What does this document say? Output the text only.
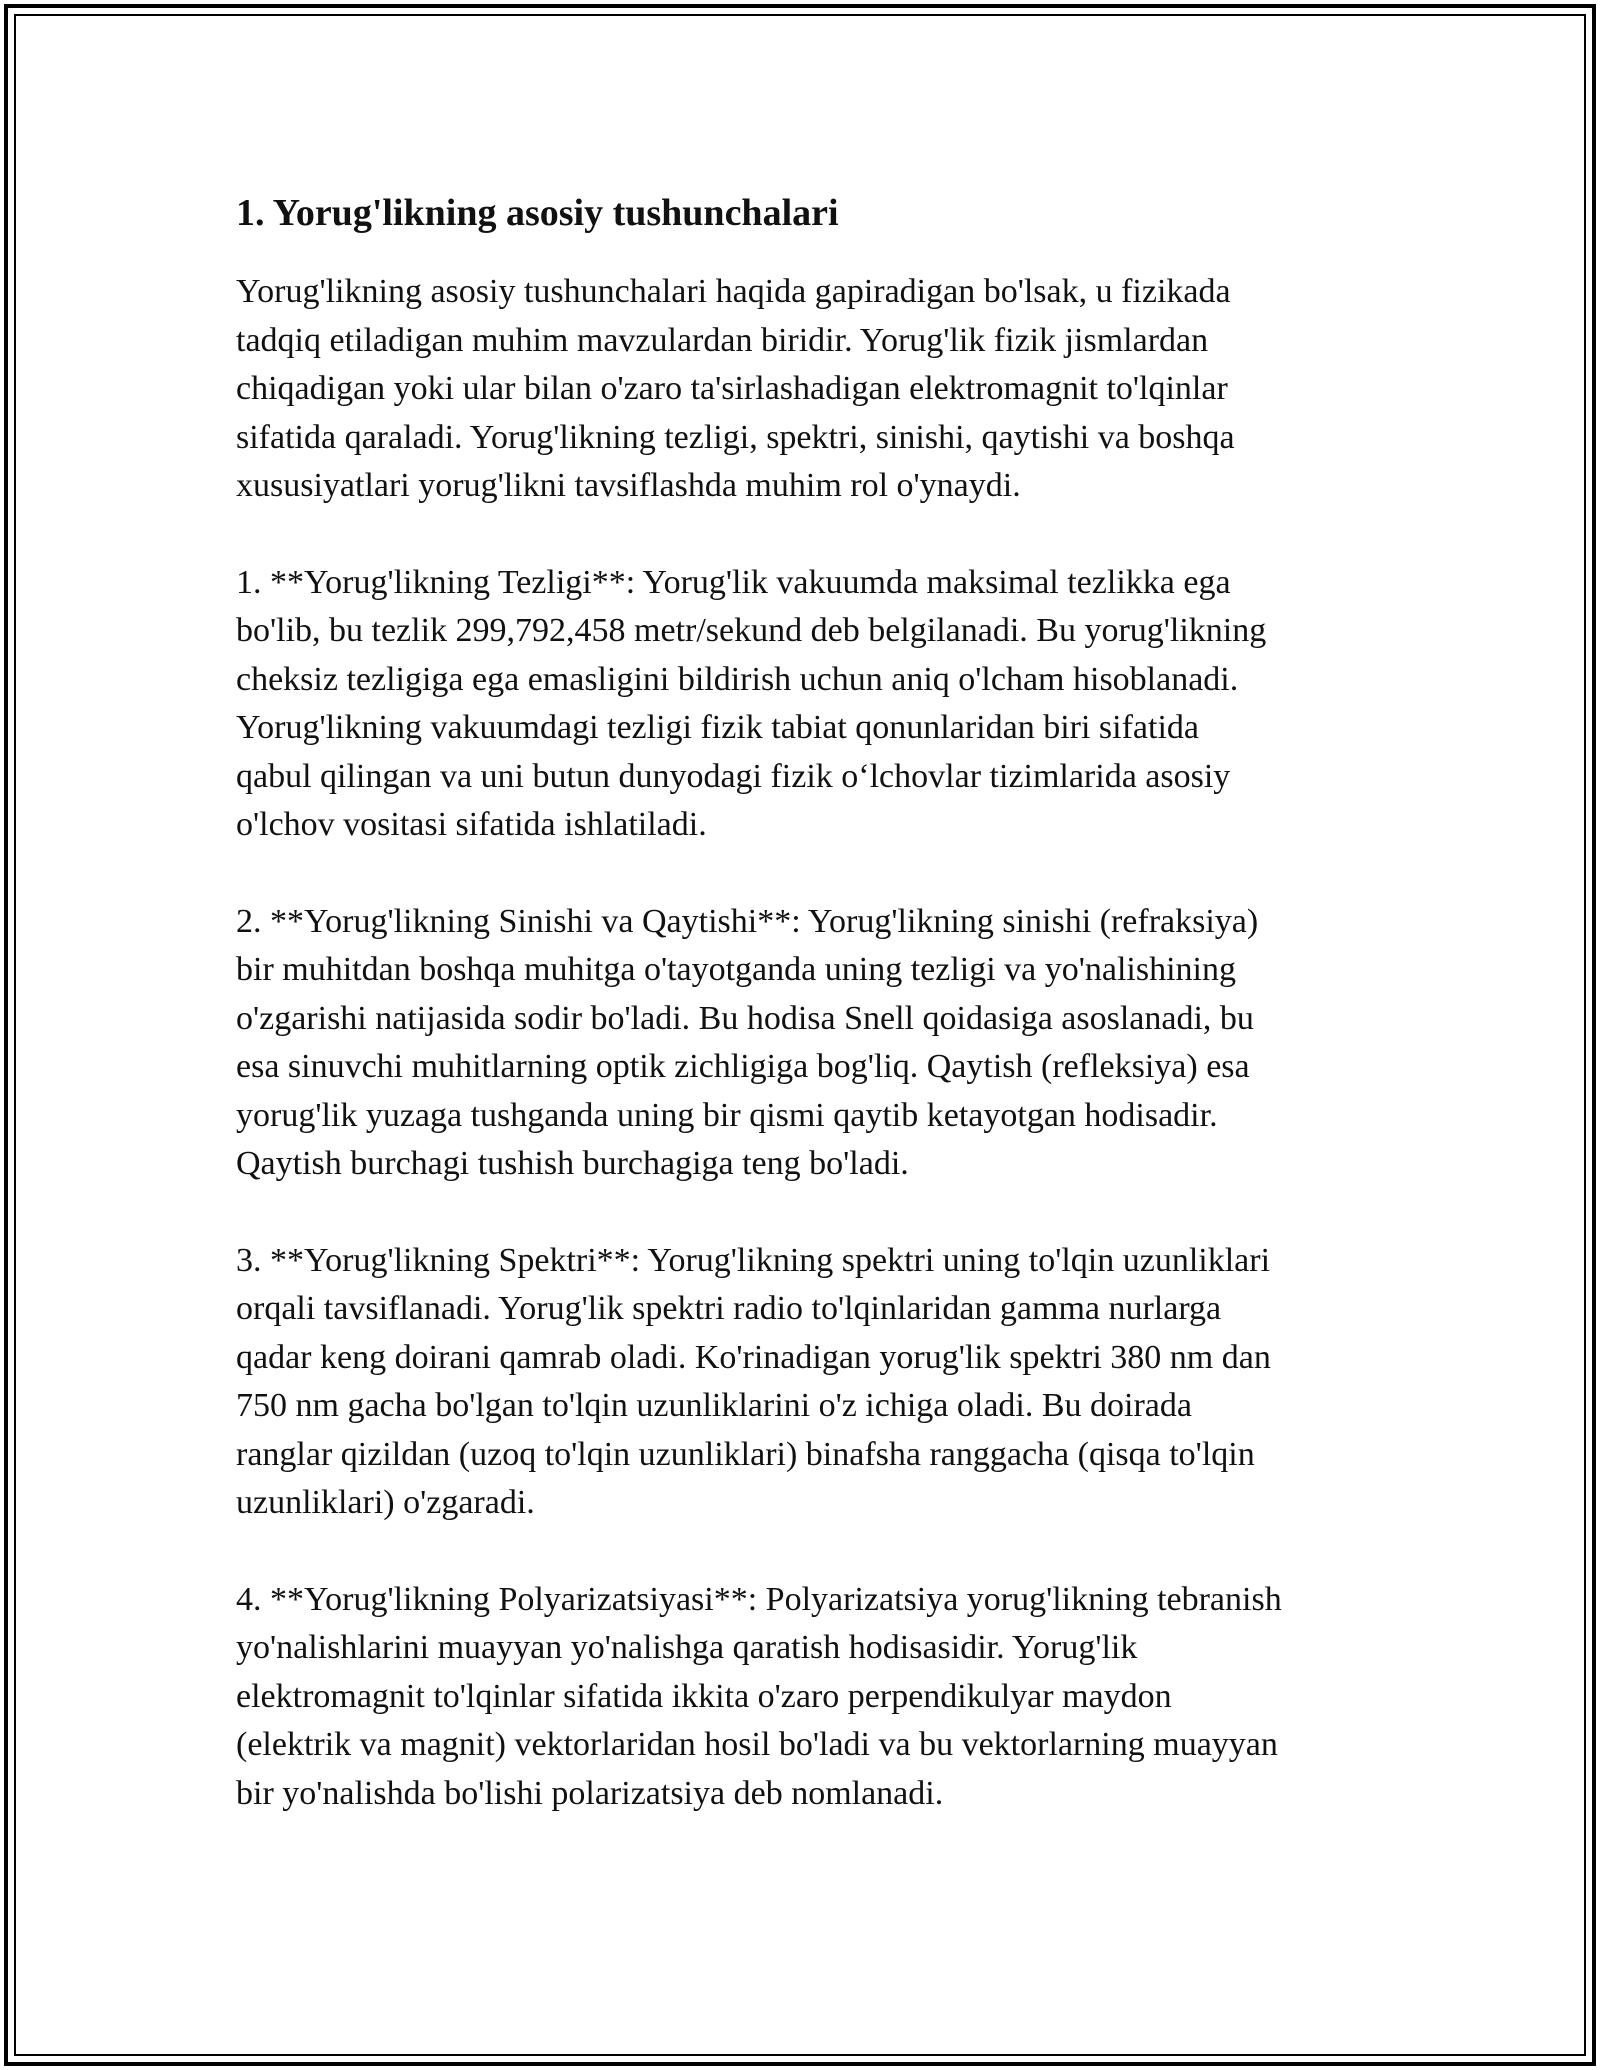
1. Yorug'likning asosiy tushunchalari

Yorug'likning asosiy tushunchalari haqida gapiradigan bo'lsak, u fizikada
tadqiq etiladigan muhim mavzulardan biridir. Yorug'lik fizik jismlardan
chiqadigan yoki ular bilan o'zaro ta'sirlashadigan elektromagnit to'lqinlar
sifatida qaraladi. Yorug'likning tezligi, spektri, sinishi, qaytishi va boshqa
xususiyatlari yorug'likni tavsiflashda muhim rol o'ynaydi.

1. **Yorug'likning Tezligi**: Yorug'lik vakuumda maksimal tezlikka ega
bo'lib, bu tezlik 299,792,458 metr/sekund deb belgilanadi. Bu yorug'likning
cheksiz tezligiga ega emasligini bildirish uchun aniq o'lcham hisoblanadi.
Yorug'likning vakuumdagi tezligi fizik tabiat qonunlaridan biri sifatida
qabul qilingan va uni butun dunyodagi fizik o‘lchovlar tizimlarida asosiy
o'lchov vositasi sifatida ishlatiladi.

2. **Yorug'likning Sinishi va Qaytishi**: Yorug'likning sinishi (refraksiya)
bir muhitdan boshqa muhitga o'tayotganda uning tezligi va yo'nalishining
o'zgarishi natijasida sodir bo'ladi. Bu hodisa Snell qoidasiga asoslanadi, bu
esa sinuvchi muhitlarning optik zichligiga bog'liq. Qaytish (refleksiya) esa
yorug'lik yuzaga tushganda uning bir qismi qaytib ketayotgan hodisadir.
Qaytish burchagi tushish burchagiga teng bo'ladi.

3. **Yorug'likning Spektri**: Yorug'likning spektri uning to'lqin uzunliklari
orqali tavsiflanadi. Yorug'lik spektri radio to'lqinlaridan gamma nurlarga
qadar keng doirani qamrab oladi. Ko'rinadigan yorug'lik spektri 380 nm dan
750 nm gacha bo'lgan to'lqin uzunliklarini o'z ichiga oladi. Bu doirada
ranglar qizildan (uzoq to'lqin uzunliklari) binafsha ranggacha (qisqa to'lqin
uzunliklari) o'zgaradi.

4. **Yorug'likning Polyarizatsiyasi**: Polyarizatsiya yorug'likning tebranish
yo'nalishlarini muayyan yo'nalishga qaratish hodisasidir. Yorug'lik
elektromagnit to'lqinlar sifatida ikkita o'zaro perpendikulyar maydon
(elektrik va magnit) vektorlaridan hosil bo'ladi va bu vektorlarning muayyan
bir yo'nalishda bo'lishi polarizatsiya deb nomlanadi.
